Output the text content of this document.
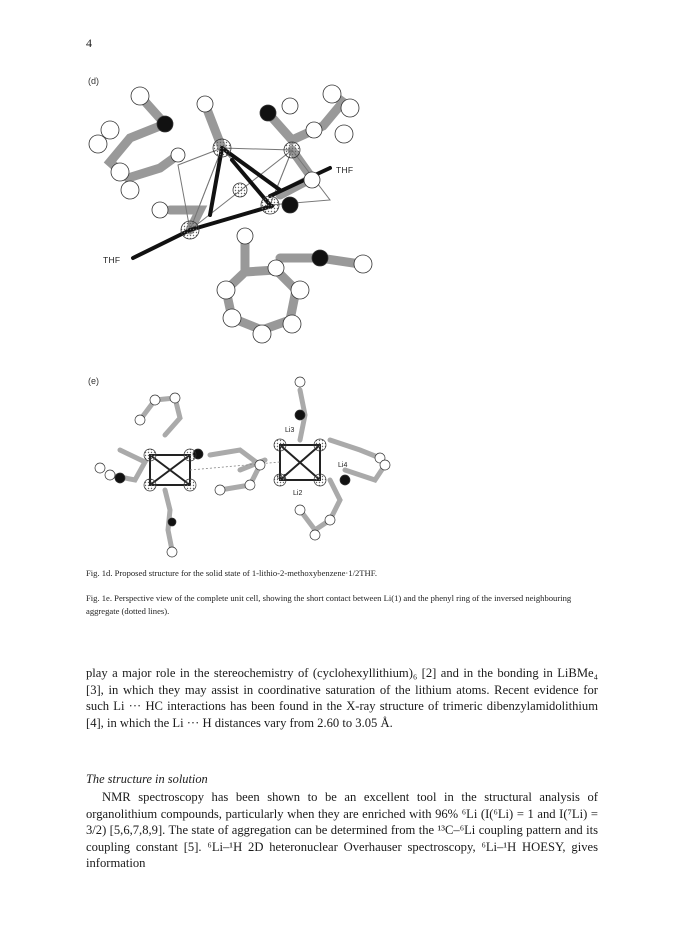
4
(d)
THF
THF
(e)
Li3
Li4
Li1
Li2
Fig. 1d. Proposed structure for the solid state of 1-lithio-2-methoxybenzene·1/2THF.
Fig. 1e. Perspective view of the complete unit cell, showing the short contact between Li(1) and the phenyl ring of the inversed neighbouring aggregate (dotted lines).
play a major role in the stereochemistry of (cyclohexyllithium)₆ [2] and in the bonding in LiBMe₄ [3], in which they may assist in coordinative saturation of the lithium atoms. Recent evidence for such Li ··· HC interactions has been found in the X-ray structure of trimeric dibenzylamidolithium [4], in which the Li ··· H distances vary from 2.60 to 3.05 Å.
The structure in solution
NMR spectroscopy has been shown to be an excellent tool in the structural analysis of organolithium compounds, particularly when they are enriched with 96% ⁶Li (I(⁶Li) = 1 and I(⁷Li) = 3/2) [5,6,7,8,9]. The state of aggregation can be determined from the ¹³C–⁶Li coupling pattern and its coupling constant [5]. ⁶Li–¹H 2D heteronuclear Overhauser spectroscopy, ⁶Li–¹H HOESY, gives information
